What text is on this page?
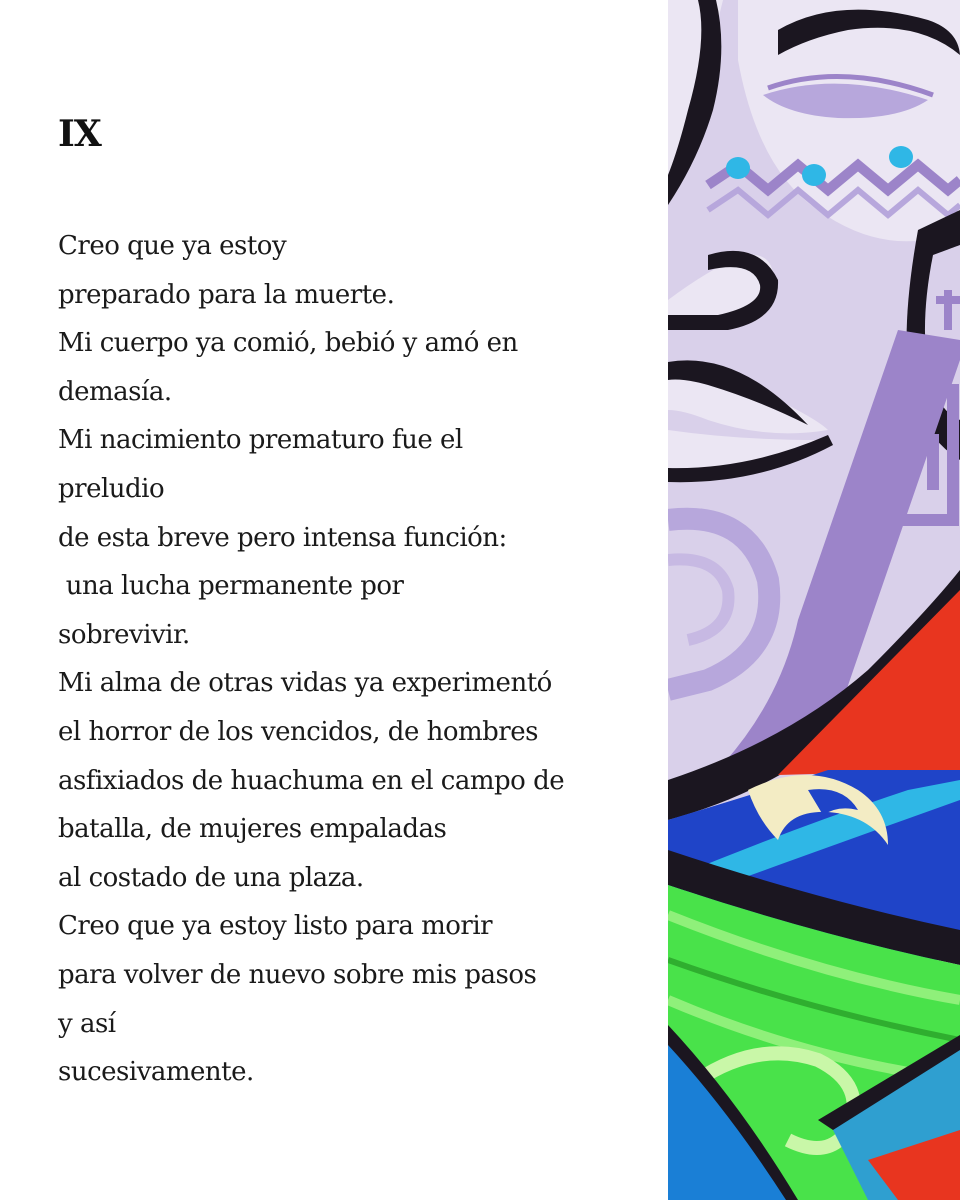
IX
Creo que ya estoy
preparado para la muerte.
Mi cuerpo ya comió, bebió y amó en
demasía.
Mi nacimiento prematuro fue el
preludio
de esta breve pero intensa función:
una lucha permanente por
sobrevivir.
Mi alma de otras vidas ya experimentó
el horror de los vencidos, de hombres
asfixiados de huachuma en el campo de
batalla, de mujeres empaladas
al costado de una plaza.
Creo que ya estoy listo para morir
para volver de nuevo sobre mis pasos
y así
sucesivamente.
